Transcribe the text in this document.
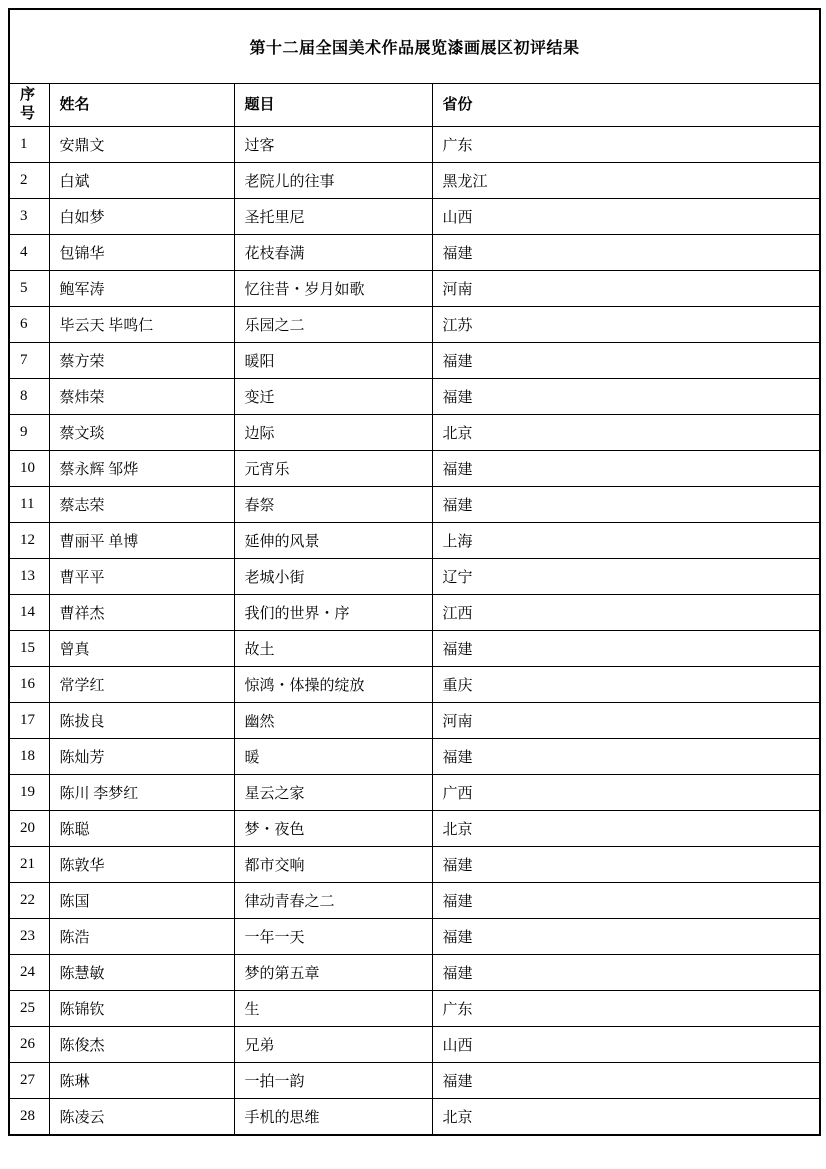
第十二届全国美术作品展览漆画展区初评结果			
序号	姓名	题目	省份
1	安鼎文	过客	广东
2	白斌	老院儿的往事	黑龙江
3	白如梦	圣托里尼	山西
4	包锦华	花枝春满	福建
5	鲍军涛	忆往昔・岁月如歌	河南
6	毕云天 毕鸣仁	乐园之二	江苏
7	蔡方荣	暖阳	福建
8	蔡炜荣	变迁	福建
9	蔡文琰	边际	北京
10	蔡永辉 邹烨	元宵乐	福建
11	蔡志荣	春祭	福建
12	曹丽平 单博	延伸的风景	上海
13	曹平平	老城小街	辽宁
14	曹祥杰	我们的世界・序	江西
15	曾真	故土	福建
16	常学红	惊鸿・体操的绽放	重庆
17	陈拔良	幽然	河南
18	陈灿芳	暖	福建
19	陈川 李梦红	星云之家	广西
20	陈聪	梦・夜色	北京
21	陈敦华	都市交响	福建
22	陈国	律动青春之二	福建
23	陈浩	一年一天	福建
24	陈慧敏	梦的第五章	福建
25	陈锦钦	生	广东
26	陈俊杰	兄弟	山西
27	陈琳	一拍一韵	福建
28	陈凌云	手机的思维	北京
